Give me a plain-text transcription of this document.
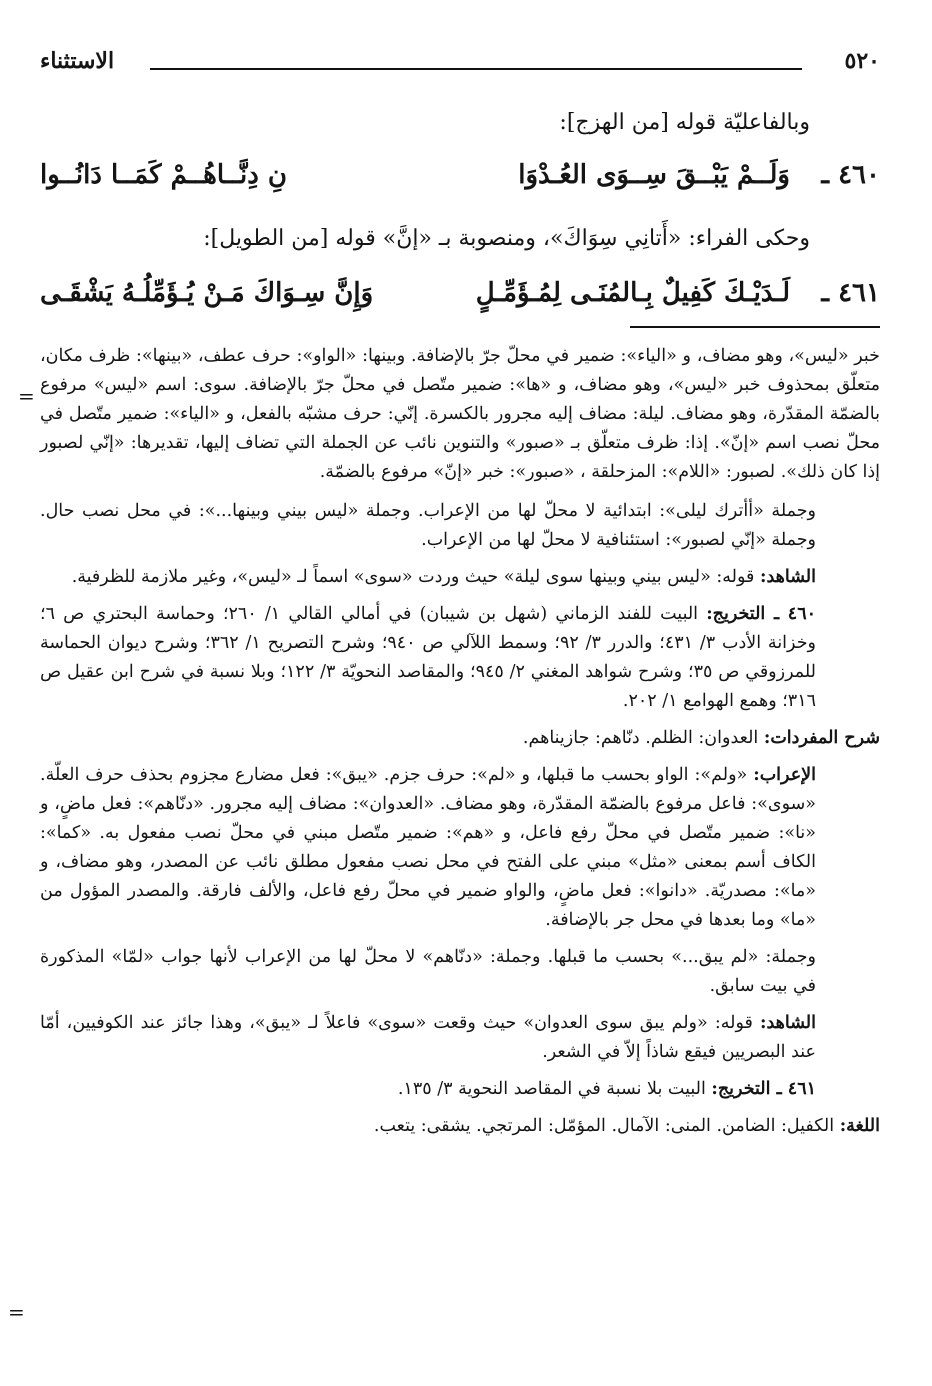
٥٢٠
الاستثناء
وبالفاعليّة قوله [من الهزج]:
٤٦٠ ـ
وَلَــمْ يَبْــقَ سِــوَى العُـدْوَا
نِ دِنَّــاهُــمْ كَمَــا دَانُــوا
وحكى الفراء: «أَتانِي سِوَاكَ»، ومنصوبة بـ «إنَّ» قوله [من الطويل]:
٤٦١ ـ
لَـدَيْـكَ كَفِيلٌ بِـالمُنَـى لِمُـؤَمِّـلٍ
وَإِنَّ سِـوَاكَ مَـنْ يُـؤَمِّلُـهُ يَشْقَـى
=

خبر «ليس»، وهو مضاف، و «الياء»: ضمير في محلّ جرّ بالإضافة. وبينها: «الواو»: حرف عطف، «بينها»: ظرف مكان، متعلّق بمحذوف خبر «ليس»، وهو مضاف، و «ها»: ضمير متّصل في محلّ جرّ بالإضافة. سوى: اسم «ليس» مرفوع بالضمّة المقدّرة، وهو مضاف. ليلة: مضاف إليه مجرور بالكسرة. إنّي: حرف مشبّه بالفعل، و «الياء»: ضمير متّصل في محلّ نصب اسم «إنّ». إذا: ظرف متعلّق بـ «صبور» والتنوين نائب عن الجملة التي تضاف إليها، تقديرها: «إنّي لصبور إذا كان ذلك». لصبور: «اللام»: المزحلقة ، «صبور»: خبر «إنّ» مرفوع بالضمّة.

وجملة «أأترك ليلى»: ابتدائية لا محلّ لها من الإعراب. وجملة «ليس بيني وبينها...»: في محل نصب حال. وجملة «إنّي لصبور»: استئنافية لا محلّ لها من الإعراب.

الشاهد: قوله: «ليس بيني وبينها سوى ليلة» حيث وردت «سوى» اسماً لـ «ليس»، وغير ملازمة للظرفية.

٤٦٠ ـ التخريج: البيت للفند الزماني (شهل بن شيبان) في أمالي القالي ١/ ٢٦٠؛ وحماسة البحتري ص ٦؛ وخزانة الأدب ٣/ ٤٣١؛ والدرر ٣/ ٩٢؛ وسمط اللآلي ص ٩٤٠؛ وشرح التصريح ١/ ٣٦٢؛ وشرح ديوان الحماسة للمرزوقي ص ٣٥؛ وشرح شواهد المغني ٢/ ٩٤٥؛ والمقاصد النحويّة ٣/ ١٢٢؛ وبلا نسبة في شرح ابن عقيل ص ٣١٦؛ وهمع الهوامع ١/ ٢٠٢.

شرح المفردات: العدوان: الظلم. دنّاهم: جازيناهم.

الإعراب: «ولم»: الواو بحسب ما قبلها، و «لم»: حرف جزم. «يبق»: فعل مضارع مجزوم بحذف حرف العلّة. «سوى»: فاعل مرفوع بالضمّة المقدّرة، وهو مضاف. «العدوان»: مضاف إليه مجرور. «دنّاهم»: فعل ماضٍ، و «نا»: ضمير متّصل في محلّ رفع فاعل، و «هم»: ضمير متّصل مبني في محلّ نصب مفعول به. «كما»: الكاف أسم بمعنى «مثل» مبني على الفتح في محل نصب مفعول مطلق نائب عن المصدر، وهو مضاف، و «ما»: مصدريّة. «دانوا»: فعل ماضٍ، والواو ضمير في محلّ رفع فاعل، والألف فارقة. والمصدر المؤول من «ما» وما بعدها في محل جر بالإضافة.

وجملة: «لم يبق...» بحسب ما قبلها. وجملة: «دنّاهم» لا محلّ لها من الإعراب لأنها جواب «لمّا» المذكورة في بيت سابق.

الشاهد: قوله: «ولم يبق سوى العدوان» حيث وقعت «سوى» فاعلاً لـ «يبق»، وهذا جائز عند الكوفيين، أمّا عند البصريين فيقع شاذاً إلاّ في الشعر.

٤٦١ ـ التخريج: البيت بلا نسبة في المقاصد النحوية ٣/ ١٣٥.

اللغة: الكفيل: الضامن. المنى: الآمال. المؤمّل: المرتجي. يشقى: يتعب.

=
